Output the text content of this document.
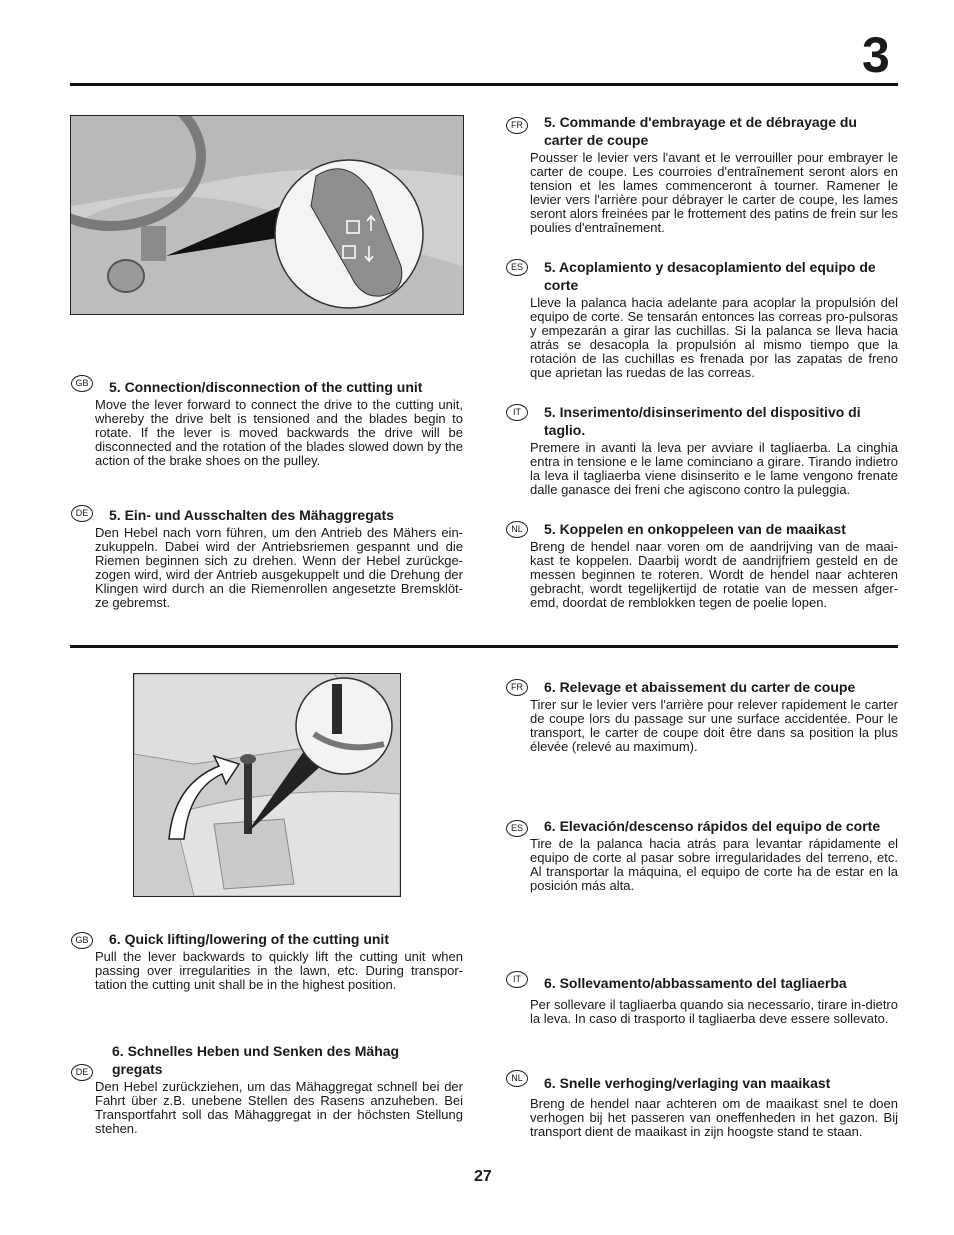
3
GB	5. Connection/disconnection of the cutting unit
Move the lever forward to connect the drive to the cutting unit, whereby the drive belt is tensioned and the blades begin to rotate. If the lever is moved backwards the drive will be disconnected and the rotation of the blades slowed down by the action of the brake shoes on the pulley.
DE	5. Ein- und Ausschalten des Mähaggregats
Den Hebel nach vorn führen, um den Antrieb des Mähers ein-zukuppeln. Dabei wird der Antriebsriemen gespannt und die Riemen beginnen sich zu drehen. Wenn der Hebel zurückge-zogen wird, wird der Antrieb ausgekuppelt und die Drehung der Klingen wird durch an die Riemenrollen angesetzte Bremsklöt-ze gebremst.
FR	5. Commande d'embrayage et de débrayage du carter de coupe
Pousser le levier vers l'avant et le verrouiller pour embrayer le carter de coupe. Les courroies d'entraînement seront alors en tension et les lames commenceront à tourner. Ramener le levier vers l'arrière pour débrayer le carter de coupe, les lames seront alors freinées par le frottement des patins de frein sur les poulies d'entraînement.
ES	5. Acoplamiento y desacoplamiento del equipo de corte
Lleve la palanca hacia adelante para acoplar la propulsión del equipo de corte. Se tensarán entonces las correas pro-pulsoras y empezarán a girar las cuchillas. Si la palanca se lleva hacia atrás se desacopla la propulsión al mismo tiempo que la rotación de las cuchillas es frenada por las zapatas de freno que aprietan las ruedas de las correas.
IT	5. Inserimento/disinserimento del dispositivo di taglio.
Premere in avanti la leva per avviare il tagliaerba. La cinghia entra in tensione e le lame cominciano a girare. Tirando indietro la leva il tagliaerba viene disinserito e le lame vengono frenate dalle ganasce dei freni che agiscono contro la puleggia.
NL	5. Koppelen en onkoppeleen van de maaikast
Breng de hendel naar voren om de aandrijving van de maai-kast te koppelen. Daarbij wordt de aandrijfriem gesteld en de messen beginnen te roteren. Wordt de hendel naar achteren gebracht, wordt tegelijkertijd de rotatie van de messen afger-emd, doordat de remblokken tegen de poelie lopen.
GB	6. Quick lifting/lowering of the cutting unit
Pull the lever backwards to quickly lift the cutting unit when passing over irregularities in the lawn, etc. During transpor-tation the cutting unit shall be in the highest position.
DE
6. Schnelles Heben und Senken des Mähag gregats
Den Hebel zurückziehen, um das Mähaggregat schnell bei der Fahrt über z.B. unebene Stellen des Rasens anzuheben. Bei Transportfahrt soll das Mähaggregat in der höchsten Stellung stehen.
FR	6. Relevage et abaissement du carter de coupe
Tirer sur le levier vers l'arrière pour relever rapidement le carter de coupe lors du passage sur une surface accidentée. Pour le transport, le carter de coupe doit être dans sa position la plus élevée (relevé au maximum).
ES	6. Elevación/descenso rápidos del equipo de corte
Tire de la palanca hacia atrás para levantar rápidamente el equipo de corte al pasar sobre irregularidades del terreno, etc. Al transportar la máquina, el equipo de corte ha de estar en la posición más alta.
IT	6. Sollevamento/abbassamento del tagliaerba
Per sollevare il tagliaerba quando sia necessario, tirare in-dietro la leva. In caso di trasporto il tagliaerba deve essere sollevato.
NL	6. Snelle verhoging/verlaging van maaikast
Breng de hendel naar achteren om de maaikast snel te doen verhogen bij het passeren van oneffenheden in het gazon. Bij transport dient de maaikast in zijn hoogste stand te staan.
27
